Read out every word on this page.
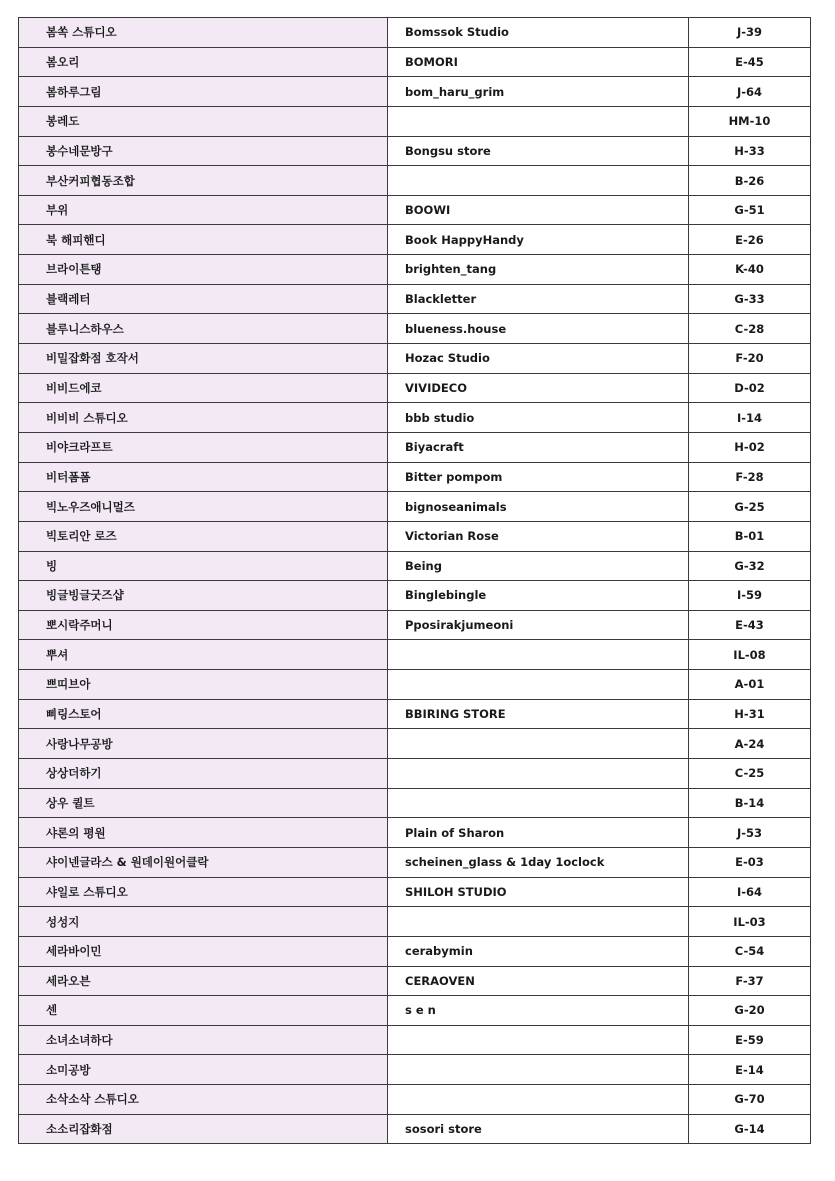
봄쏙 스튜디오	Bomssok Studio	J-39
봄오리	BOMORI	E-45
봄하루그림	bom_haru_grim	J-64
봉레도		HM-10
봉수네문방구	Bongsu store	H-33
부산커피협동조합		B-26
부위	BOOWI	G-51
북 해피핸디	Book HappyHandy	E-26
브라이튼탱	brighten_tang	K-40
블랙레터	Blackletter	G-33
블루니스하우스	blueness.house	C-28
비밀잡화점 호작서	Hozac Studio	F-20
비비드에코	VIVIDECO	D-02
비비비 스튜디오	bbb studio	I-14
비야크라프트	Biyacraft	H-02
비터폼폼	Bitter pompom	F-28
빅노우즈애니멀즈	bignoseanimals	G-25
빅토리안 로즈	Victorian Rose	B-01
빙	Being	G-32
빙글빙글굿즈샵	Binglebingle	I-59
뽀시락주머니	Pposirakjumeoni	E-43
뿌셔		IL-08
쁘띠브아		A-01
삐링스토어	BBIRING STORE	H-31
사랑나무공방		A-24
상상더하기		C-25
상우 퀼트		B-14
샤론의 평원	Plain of Sharon	J-53
샤이넨글라스 & 원데이원어클락	scheinen_glass & 1day 1oclock	E-03
샤일로 스튜디오	SHILOH STUDIO	I-64
성성지		IL-03
세라바이민	cerabymin	C-54
세라오븐	CERAOVEN	F-37
센	s e n	G-20
소녀소녀하다		E-59
소미공방		E-14
소삭소삭 스튜디오		G-70
소소리잡화점	sosori store	G-14
